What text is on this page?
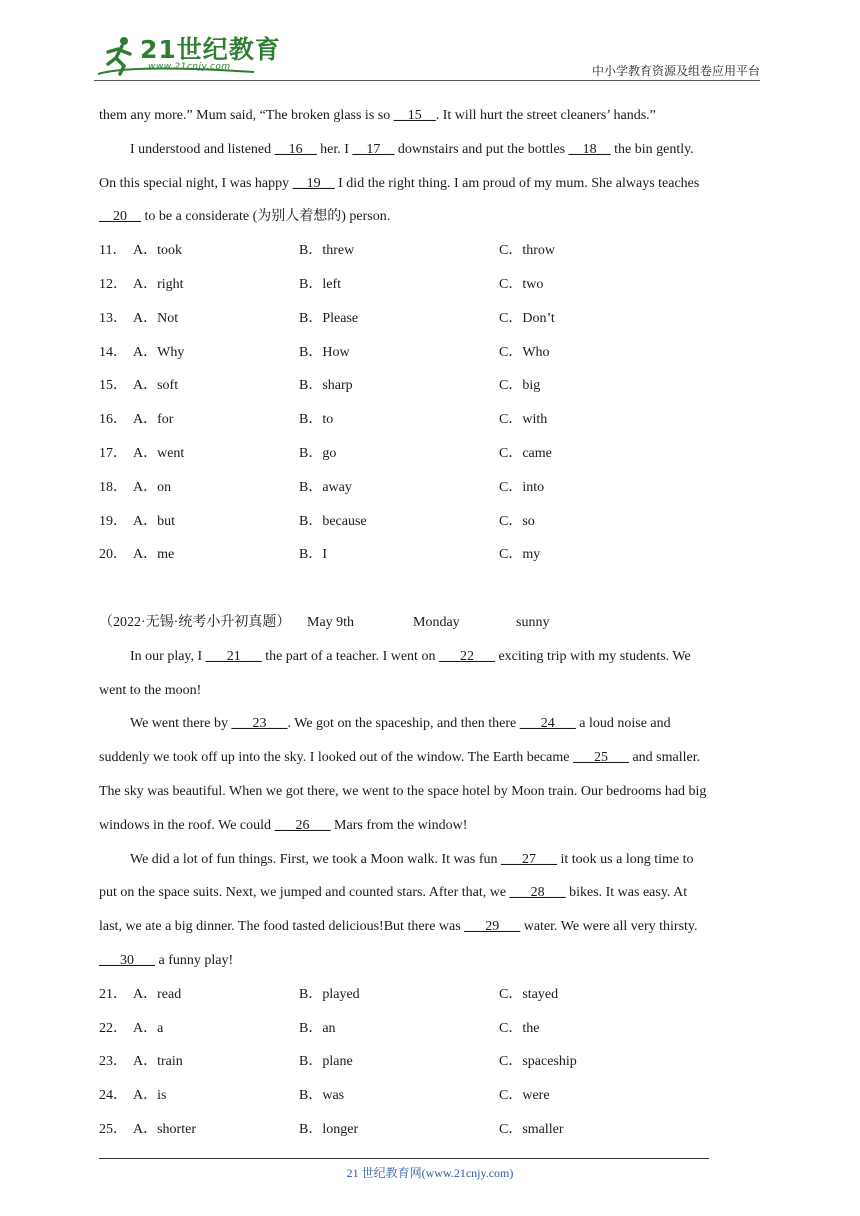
21世纪教育
www.21cnjy.com	中小学教育资源及组卷应用平台
them any more.” Mum said, “The broken glass is so __15__. It will hurt the street cleaners’ hands.”
I understood and listened __16__ her. I __17__ downstairs and put the bottles __18__ the bin gently.
On this special night, I was happy __19__ I did the right thing. I am proud of my mum. She always teaches
__20__ to be a considerate (为别人着想的) person.
11． A．took	B．threw	C．throw
12． A．right	B．left	C．two
13． A．Not	B．Please	C．Don’t
14． A．Why	B．How	C．Who
15． A．soft	B．sharp	C．big
16． A．for	B．to	C．with
17． A．went	B．go	C．came
18． A．on	B．away	C．into
19． A．but	B．because	C．so
20． A．me	B．I	C．my
（2022·无锡·统考小升初真题） May 9th	Monday	sunny
In our play, I ___21___ the part of a teacher. I went on ___22___ exciting trip with my students. We
went to the moon!
We went there by ___23___. We got on the spaceship, and then there ___24___ a loud noise and
suddenly we took off up into the sky. I looked out of the window. The Earth became ___25___ and smaller.
The sky was beautiful. When we got there, we went to the space hotel by Moon train. Our bedrooms had big
windows in the roof. We could ___26___ Mars from the window!
We did a lot of fun things. First, we took a Moon walk. It was fun ___27___ it took us a long time to
put on the space suits. Next, we jumped and counted stars. After that, we ___28___ bikes. It was easy. At
last, we ate a big dinner. The food tasted delicious!But there was ___29___ water. We were all very thirsty.
___30___ a funny play!
21． A．read	B．played	C．stayed
22． A．a	B．an	C．the
23． A．train	B．plane	C．spaceship
24． A．is	B．was	C．were
25． A．shorter	B．longer	C．smaller
21 世纪教育网(www.21cnjy.com)
